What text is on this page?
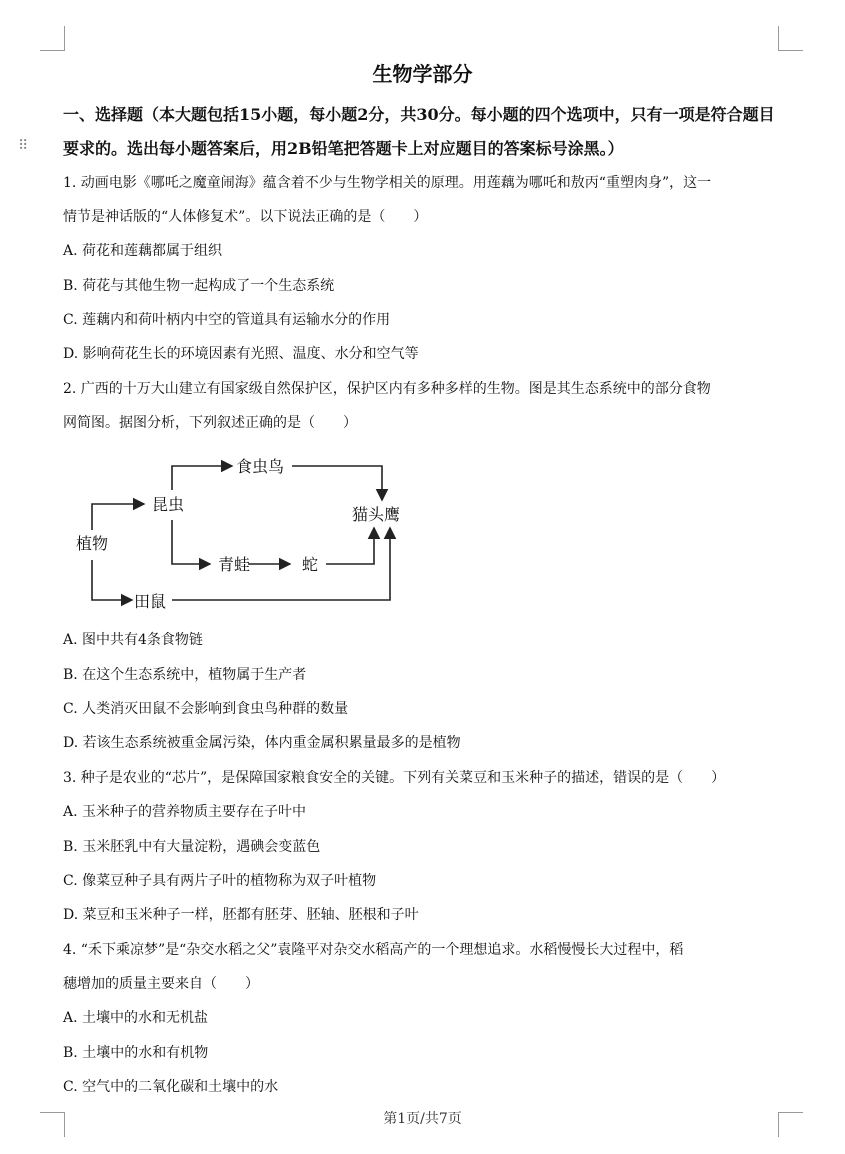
⠿
生物学部分
一、选择题（本大题包括15小题，每小题2分，共30分。每小题的四个选项中，只有一项是符合题目要求的。选出每小题答案后，用2B铅笔把答题卡上对应题目的答案标号涂黑。）
1. 动画电影《哪吒之魔童闹海》蕴含着不少与生物学相关的原理。用莲藕为哪吒和敖丙“重塑肉身”，这一
情节是神话版的“人体修复术”。以下说法正确的是（　　）
A. 荷花和莲藕都属于组织
B. 荷花与其他生物一起构成了一个生态系统
C. 莲藕内和荷叶柄内中空的管道具有运输水分的作用
D. 影响荷花生长的环境因素有光照、温度、水分和空气等
2. 广西的十万大山建立有国家级自然保护区，保护区内有多种多样的生物。图是其生态系统中的部分食物
网简图。据图分析，下列叙述正确的是（　　）
植物
昆虫
食虫鸟
猫头鹰
青蛙	蛇
田鼠
A. 图中共有4条食物链
B. 在这个生态系统中，植物属于生产者
C. 人类消灭田鼠不会影响到食虫鸟种群的数量
D. 若该生态系统被重金属污染，体内重金属积累量最多的是植物
3. 种子是农业的“芯片”，是保障国家粮食安全的关键。下列有关菜豆和玉米种子的描述，错误的是（　　）
A. 玉米种子的营养物质主要存在子叶中
B. 玉米胚乳中有大量淀粉，遇碘会变蓝色
C. 像菜豆种子具有两片子叶的植物称为双子叶植物
D. 菜豆和玉米种子一样，胚都有胚芽、胚轴、胚根和子叶
4. “禾下乘凉梦”是“杂交水稻之父”袁隆平对杂交水稻高产的一个理想追求。水稻慢慢长大过程中，稻
穗增加的质量主要来自（　　）
A. 土壤中的水和无机盐
B. 土壤中的水和有机物
C. 空气中的二氧化碳和土壤中的水
第1页/共7页
